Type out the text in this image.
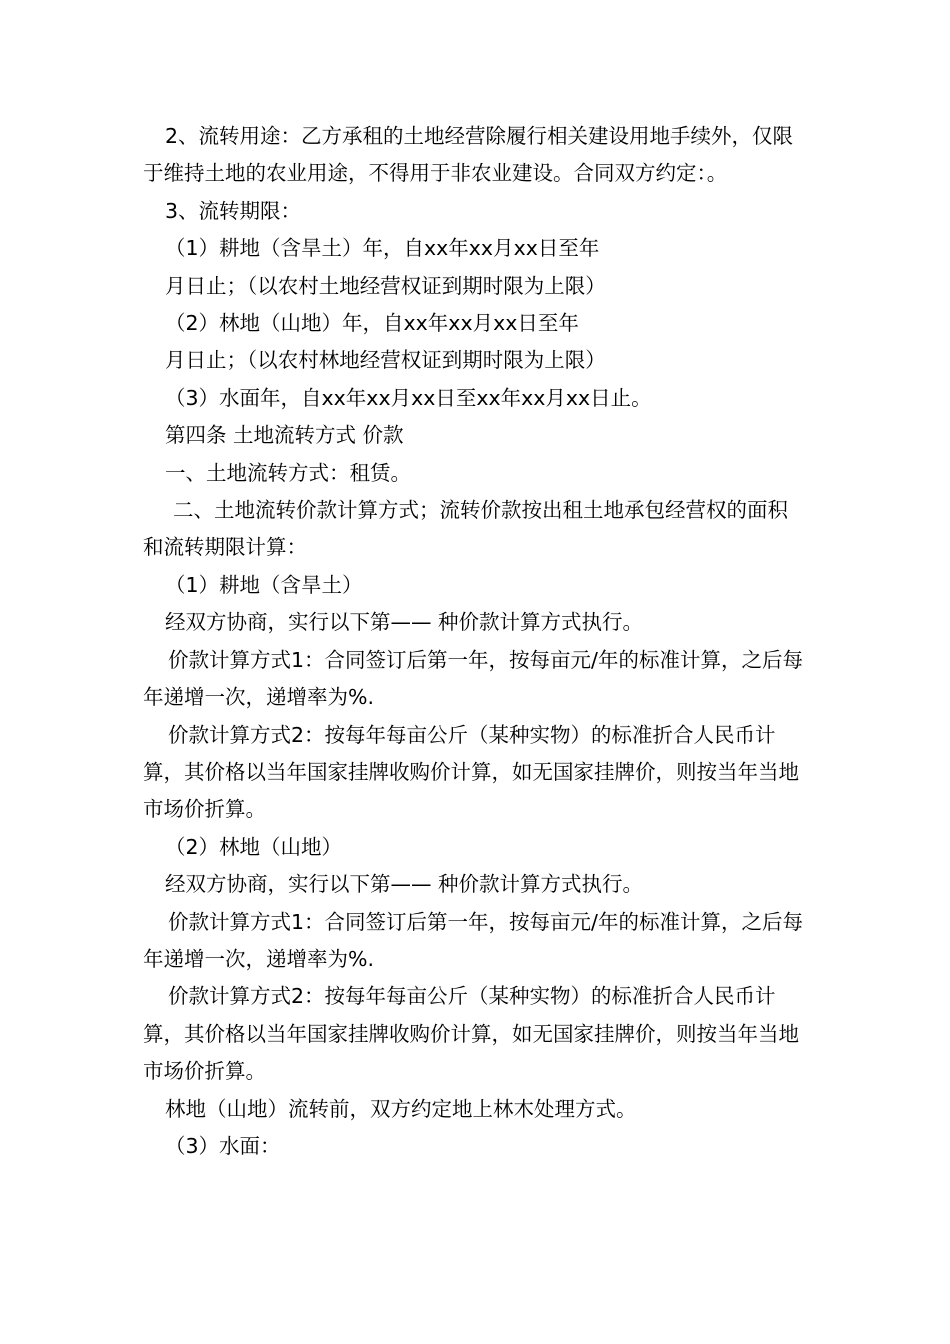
2、流转用途：乙方承租的土地经营除履行相关建设用地手续外，仅限于维持土地的农业用途，不得用于非农业建设。合同双方约定：。

3、流转期限：

（1）耕地（含旱土）年，自xx年xx月xx日至年

月日止；（以农村土地经营权证到期时限为上限）

（2）林地（山地）年，自xx年xx月xx日至年

月日止；（以农村林地经营权证到期时限为上限）

（3）水面年，自xx年xx月xx日至xx年xx月xx日止。

第四条 土地流转方式 价款

一、土地流转方式：租赁。

二、土地流转价款计算方式；流转价款按出租土地承包经营权的面积和流转期限计算：

（1）耕地（含旱土）

经双方协商，实行以下第—— 种价款计算方式执行。

价款计算方式1：合同签订后第一年，按每亩元/年的标准计算，之后每年递增一次，递增率为%.

价款计算方式2：按每年每亩公斤（某种实物）的标准折合人民币计算，其价格以当年国家挂牌收购价计算，如无国家挂牌价，则按当年当地市场价折算。

（2）林地（山地）

经双方协商，实行以下第—— 种价款计算方式执行。

价款计算方式1：合同签订后第一年，按每亩元/年的标准计算，之后每年递增一次，递增率为%.

价款计算方式2：按每年每亩公斤（某种实物）的标准折合人民币计算，其价格以当年国家挂牌收购价计算，如无国家挂牌价，则按当年当地市场价折算。

林地（山地）流转前，双方约定地上林木处理方式。

（3）水面：
